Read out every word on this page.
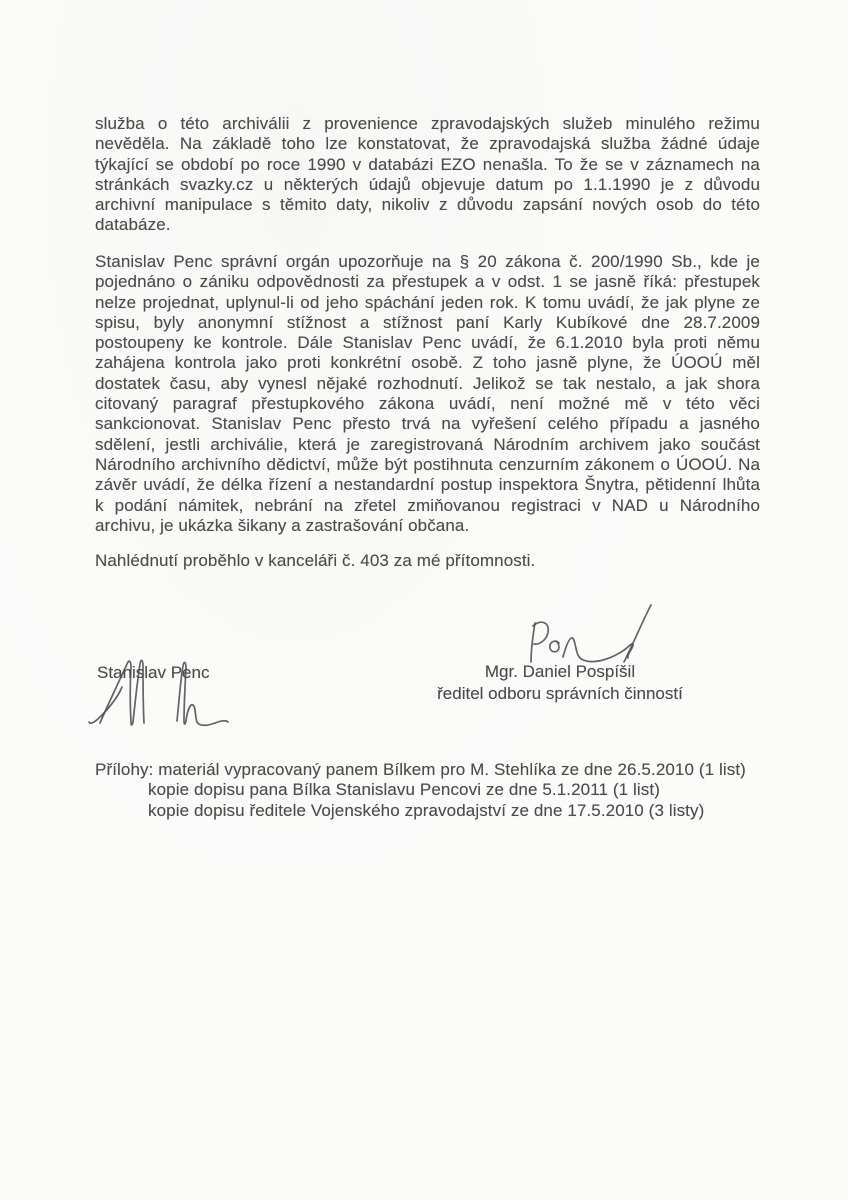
služba o této archiválii z provenience zpravodajských služeb minulého režimu
nevěděla. Na základě toho lze konstatovat, že zpravodajská služba žádné údaje
týkající se období po roce 1990 v databázi EZO nenašla. To že se v záznamech na
stránkách svazky.cz u některých údajů objevuje datum po 1.1.1990 je z důvodu
archivní manipulace s těmito daty, nikoliv z důvodu zapsání nových osob do této
databáze.
Stanislav Penc správní orgán upozorňuje na § 20 zákona č. 200/1990 Sb., kde je
pojednáno o zániku odpovědnosti za přestupek a v odst. 1 se jasně říká: přestupek
nelze projednat, uplynul-li od jeho spáchání jeden rok. K tomu uvádí, že jak plyne ze
spisu, byly anonymní stížnost a stížnost paní Karly Kubíkové dne 28.7.2009
postoupeny ke kontrole. Dále Stanislav Penc uvádí, že 6.1.2010 byla proti němu
zahájena kontrola jako proti konkrétní osobě. Z toho jasně plyne, že ÚOOÚ měl
dostatek času, aby vynesl nějaké rozhodnutí. Jelikož se tak nestalo, a jak shora
citovaný paragraf přestupkového zákona uvádí, není možné mě v této věci
sankcionovat. Stanislav Penc přesto trvá na vyřešení celého případu a jasného
sdělení, jestli archiválie, která je zaregistrovaná Národním archivem jako součást
Národního archivního dědictví, může být postihnuta cenzurním zákonem o ÚOOÚ. Na
závěr uvádí, že délka řízení a nestandardní postup inspektora Šnytra, pětidenní lhůta
k podání námitek, nebrání na zřetel zmiňovanou registraci v NAD u Národního
archivu, je ukázka šikany a zastrašování občana.
Nahlédnutí proběhlo v kanceláři č. 403 za mé přítomnosti.
Stanislav Penc	Mgr. Daniel Pospíšil
ředitel odboru správních činností
Přílohy: materiál vypracovaný panem Bílkem pro M. Stehlíka ze dne 26.5.2010 (1 list)
kopie dopisu pana Bílka Stanislavu Pencovi ze dne 5.1.2011 (1 list)
kopie dopisu ředitele Vojenského zpravodajství ze dne 17.5.2010 (3 listy)
